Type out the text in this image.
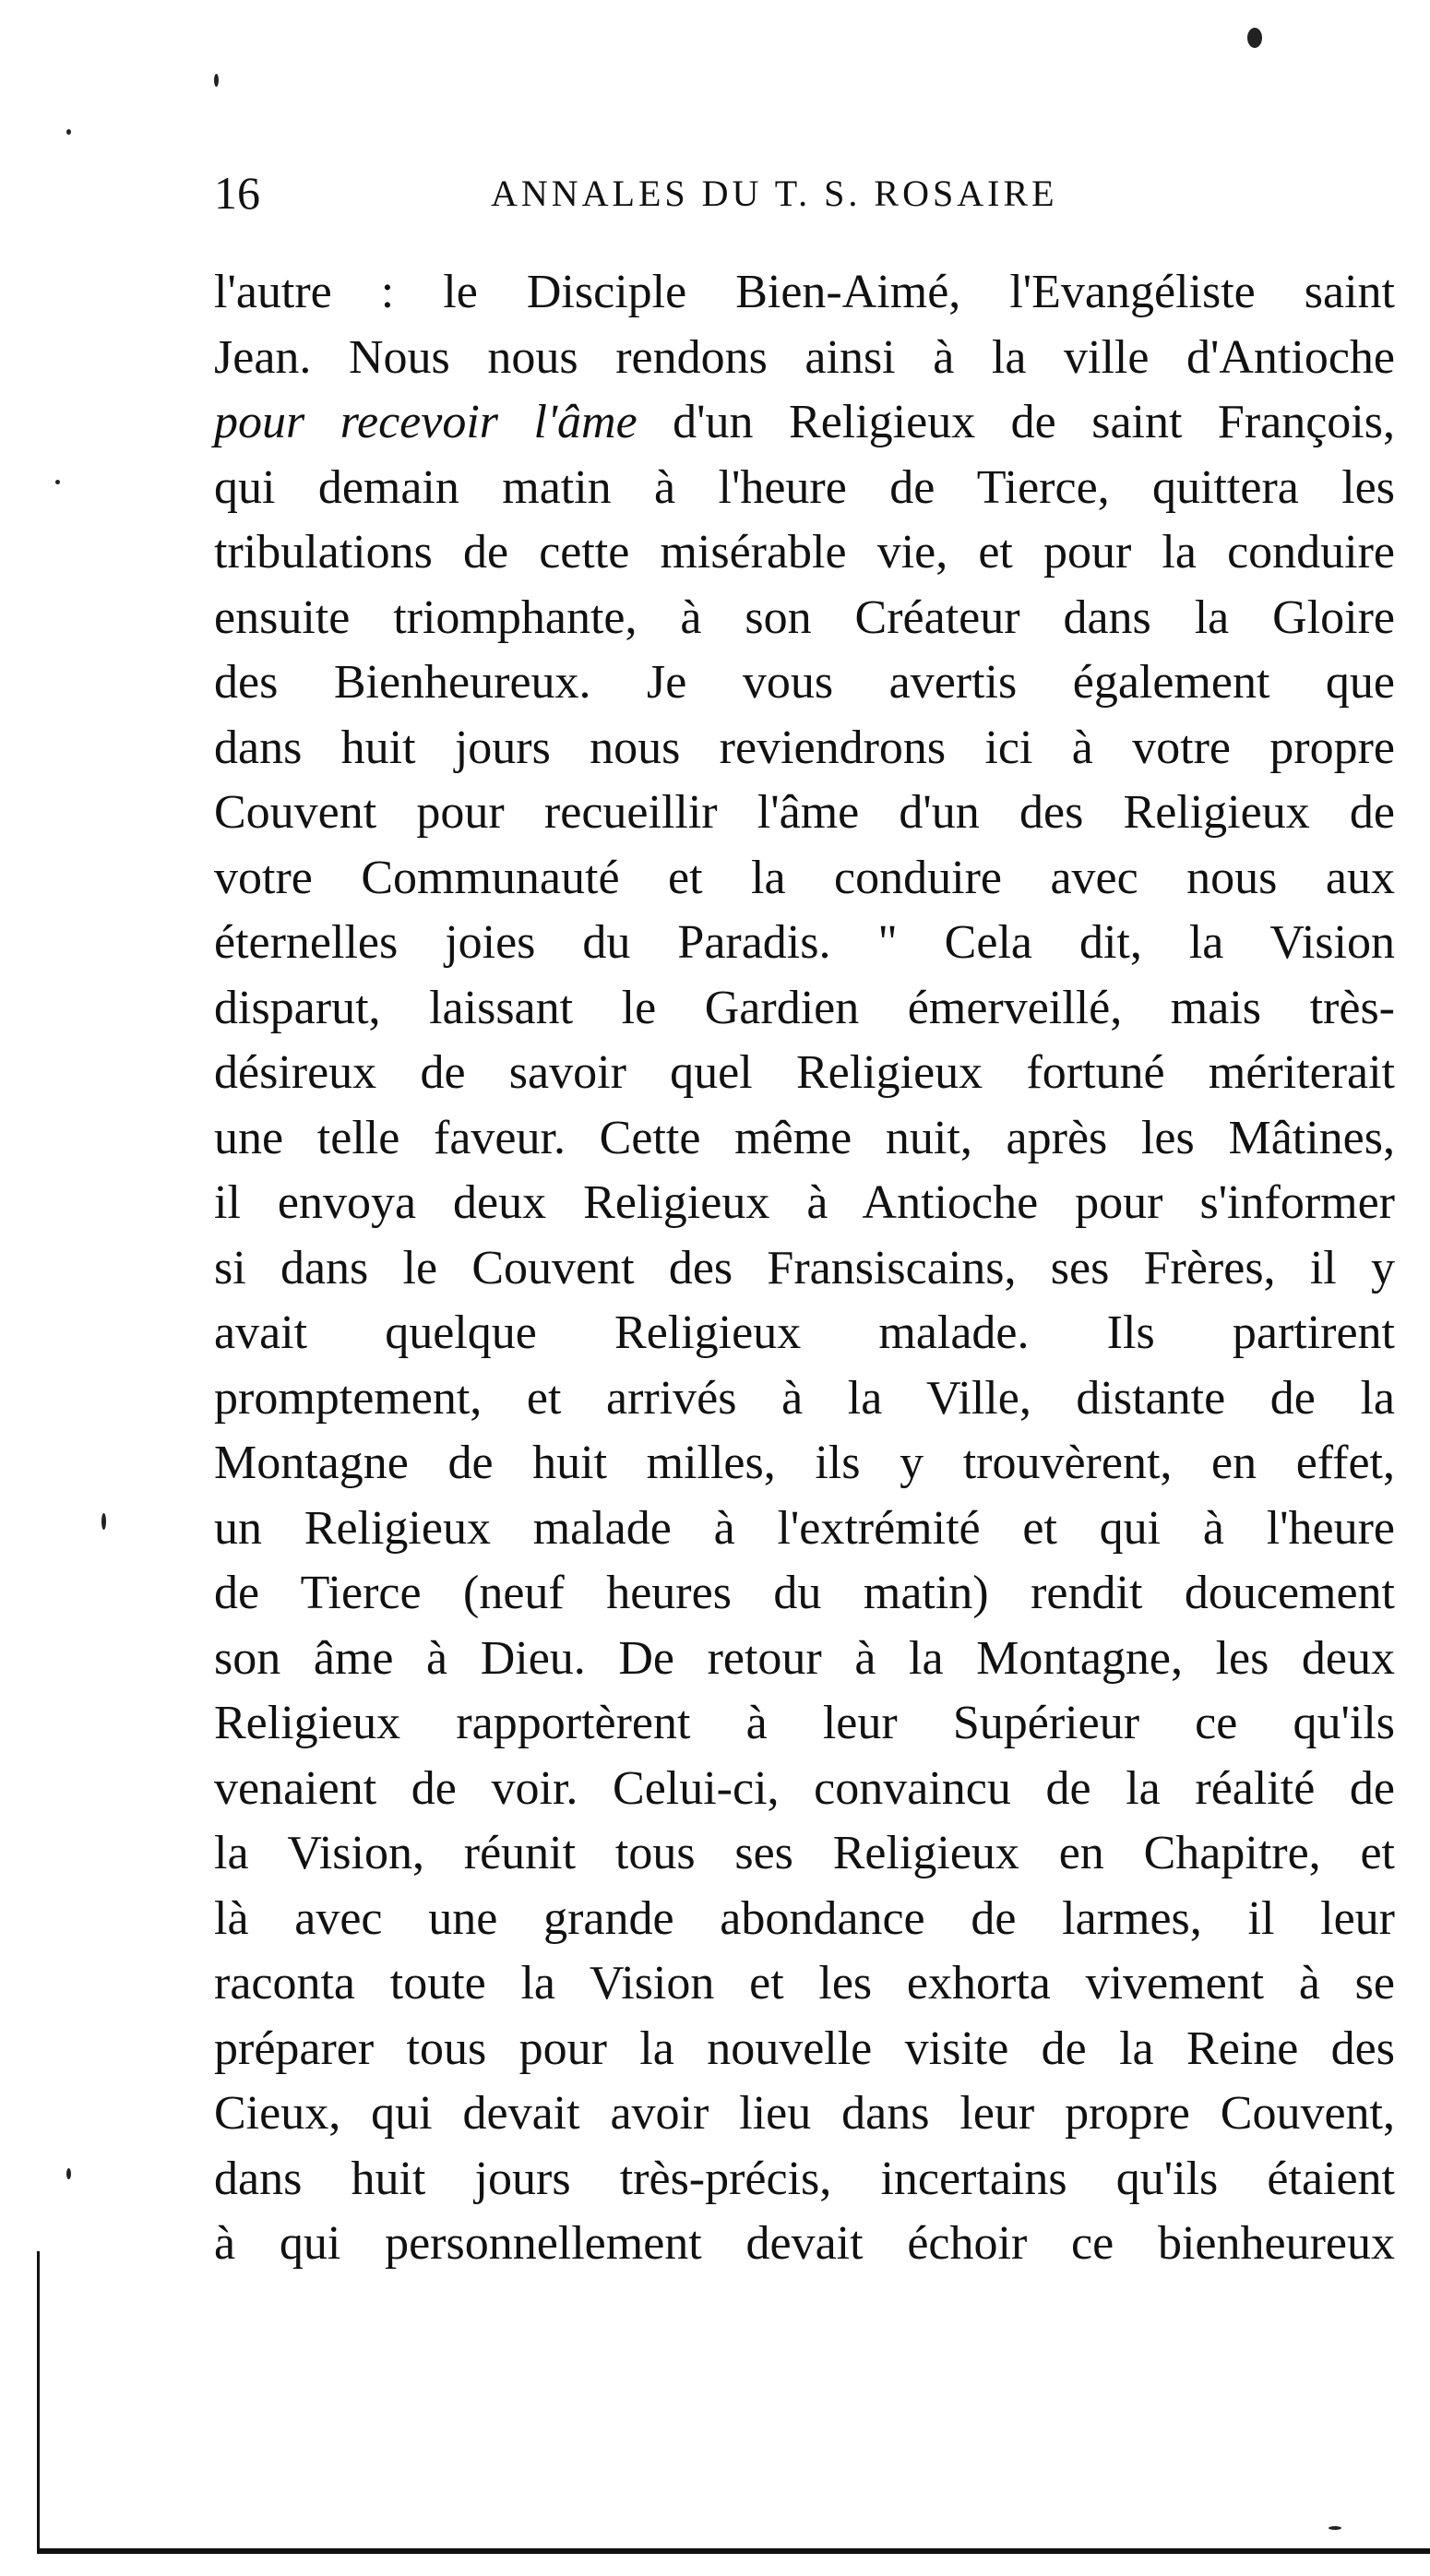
16	ANNALES DU T. S. ROSAIRE
l'autre : le Disciple Bien-Aimé, l'Evangéliste saint
Jean. Nous nous rendons ainsi à la ville d'Antioche
pour recevoir l'âme d'un Religieux de saint François,
qui demain matin à l'heure de Tierce, quittera les
tribulations de cette misérable vie, et pour la conduire
ensuite triomphante, à son Créateur dans la Gloire
des Bienheureux. Je vous avertis également que
dans huit jours nous reviendrons ici à votre propre
Couvent pour recueillir l'âme d'un des Religieux de
votre Communauté et la conduire avec nous aux
éternelles joies du Paradis. " Cela dit, la Vision
disparut, laissant le Gardien émerveillé, mais très-
désireux de savoir quel Religieux fortuné mériterait
une telle faveur. Cette même nuit, après les Mâtines,
il envoya deux Religieux à Antioche pour s'informer
si dans le Couvent des Fransiscains, ses Frères, il y
avait quelque Religieux malade. Ils partirent
promptement, et arrivés à la Ville, distante de la
Montagne de huit milles, ils y trouvèrent, en effet,
un Religieux malade à l'extrémité et qui à l'heure
de Tierce (neuf heures du matin) rendit doucement
son âme à Dieu. De retour à la Montagne, les deux
Religieux rapportèrent à leur Supérieur ce qu'ils
venaient de voir. Celui-ci, convaincu de la réalité de
la Vision, réunit tous ses Religieux en Chapitre, et
là avec une grande abondance de larmes, il leur
raconta toute la Vision et les exhorta vivement à se
préparer tous pour la nouvelle visite de la Reine des
Cieux, qui devait avoir lieu dans leur propre Couvent,
dans huit jours très-précis, incertains qu'ils étaient
à qui personnellement devait échoir ce bienheureux
